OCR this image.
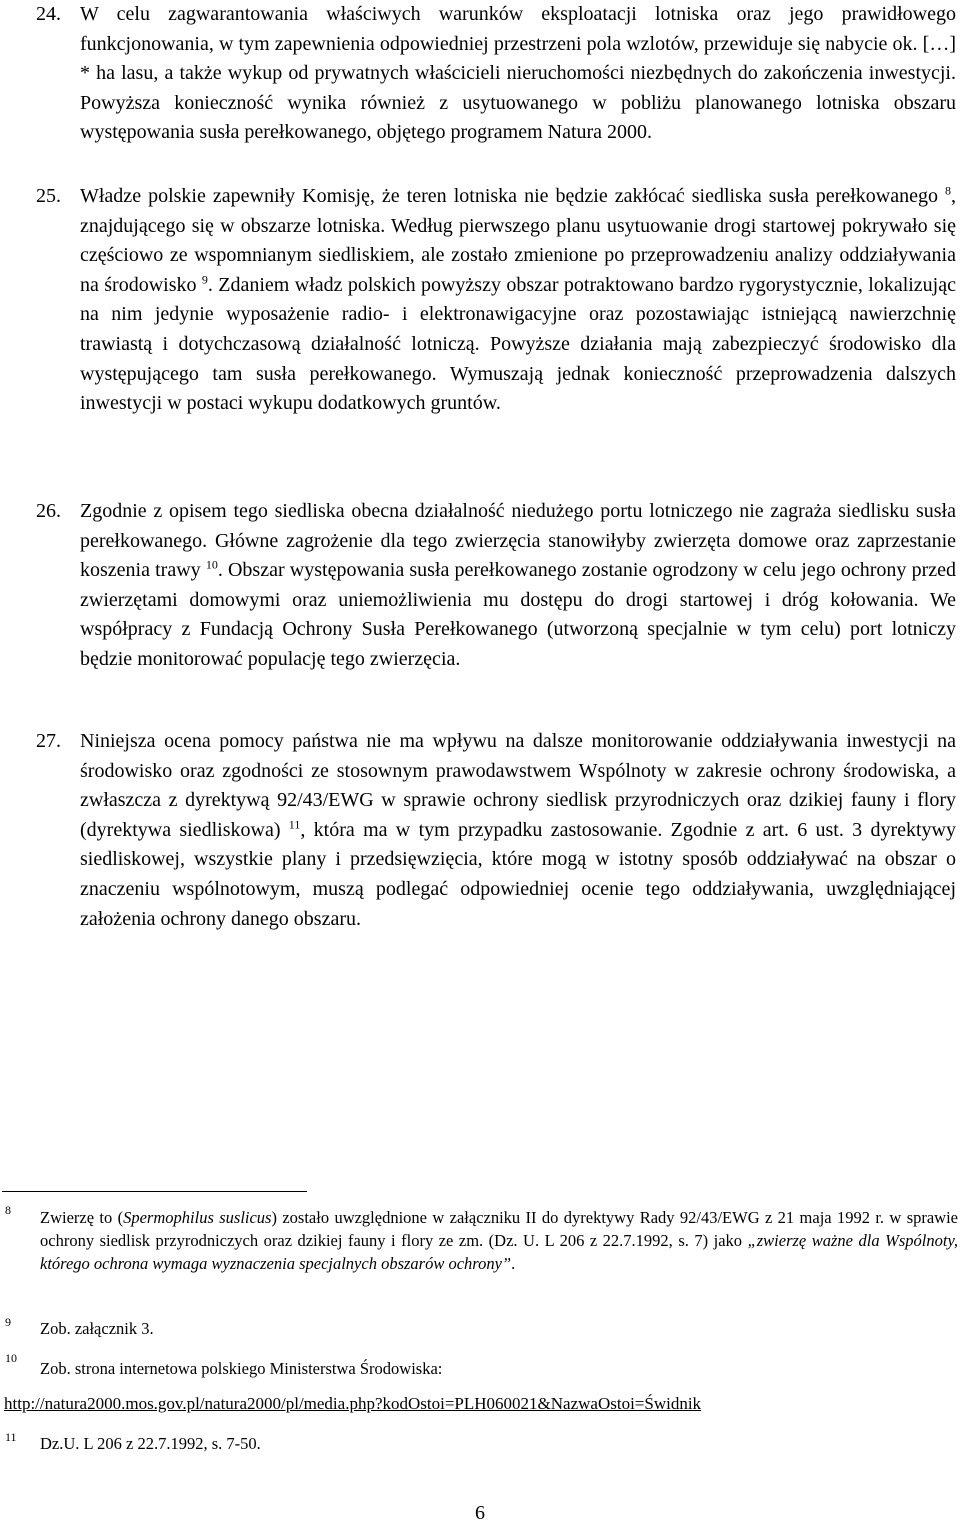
24. W celu zagwarantowania właściwych warunków eksploatacji lotniska oraz jego prawidłowego funkcjonowania, w tym zapewnienia odpowiedniej przestrzeni pola wzlotów, przewiduje się nabycie ok. […] * ha lasu, a także wykup od prywatnych właścicieli nieruchomości niezbędnych do zakończenia inwestycji. Powyższa konieczność wynika również z usytuowanego w pobliżu planowanego lotniska obszaru występowania susła perełkowanego, objętego programem Natura 2000.
25. Władze polskie zapewniły Komisję, że teren lotniska nie będzie zakłócać siedliska susła perełkowanego $^8$, znajdującego się w obszarze lotniska. Według pierwszego planu usytuowanie drogi startowej pokrywało się częściowo ze wspomnianym siedliskiem, ale zostało zmienione po przeprowadzeniu analizy oddziaływania na środowisko $^9$. Zdaniem władz polskich powyższy obszar potraktowano bardzo rygorystycznie, lokalizując na nim jedynie wyposażenie radio- i elektronawigacyjne oraz pozostawiając istniejącą nawierzchnię trawiastą i dotychczasową działalność lotniczą. Powyższe działania mają zabezpieczyć środowisko dla występującego tam susła perełkowanego. Wymuszają jednak konieczność przeprowadzenia dalszych inwestycji w postaci wykupu dodatkowych gruntów.
26. Zgodnie z opisem tego siedliska obecna działalność niedużego portu lotniczego nie zagraża siedlisku susła perełkowanego. Główne zagrożenie dla tego zwierzęcia stanowiłyby zwierzęta domowe oraz zaprzestanie koszenia trawy $^{10}$. Obszar występowania susła perełkowanego zostanie ogrodzony w celu jego ochrony przed zwierzętami domowymi oraz uniemożliwienia mu dostępu do drogi startowej i dróg kołowania. We współpracy z Fundacją Ochrony Susła Perełkowanego (utworzoną specjalnie w tym celu) port lotniczy będzie monitorować populację tego zwierzęcia.
27. Niniejsza ocena pomocy państwa nie ma wpływu na dalsze monitorowanie oddziaływania inwestycji na środowisko oraz zgodności ze stosownym prawodawstwem Wspólnoty w zakresie ochrony środowiska, a zwłaszcza z dyrektywą 92/43/EWG w sprawie ochrony siedlisk przyrodniczych oraz dzikiej fauny i flory (dyrektywa siedliskowa) $^{11}$, która ma w tym przypadku zastosowanie. Zgodnie z art. 6 ust. 3 dyrektywy siedliskowej, wszystkie plany i przedsięwzięcia, które mogą w istotny sposób oddziaływać na obszar o znaczeniu wspólnotowym, muszą podlegać odpowiedniej ocenie tego oddziaływania, uwzględniającej założenia ochrony danego obszaru.
8 Zwierzę to (Spermophilus suslicus) zostało uwzględnione w załączniku II do dyrektywy Rady 92/43/EWG z 21 maja 1992 r. w sprawie ochrony siedlisk przyrodniczych oraz dzikiej fauny i flory ze zm. (Dz. U. L 206 z 22.7.1992, s. 7) jako „zwierzę ważne dla Wspólnoty, którego ochrona wymaga wyznaczenia specjalnych obszarów ochrony”.
9 Zob. załącznik 3.
10
Zob. strona internetowa polskiego Ministerstwa Środowiska:
http://natura2000.mos.gov.pl/natura2000/pl/media.php?kodOstoi=PLH060021&NazwaOstoi=Świdnik
11 Dz.U. L 206 z 22.7.1992, s. 7-50.
6
